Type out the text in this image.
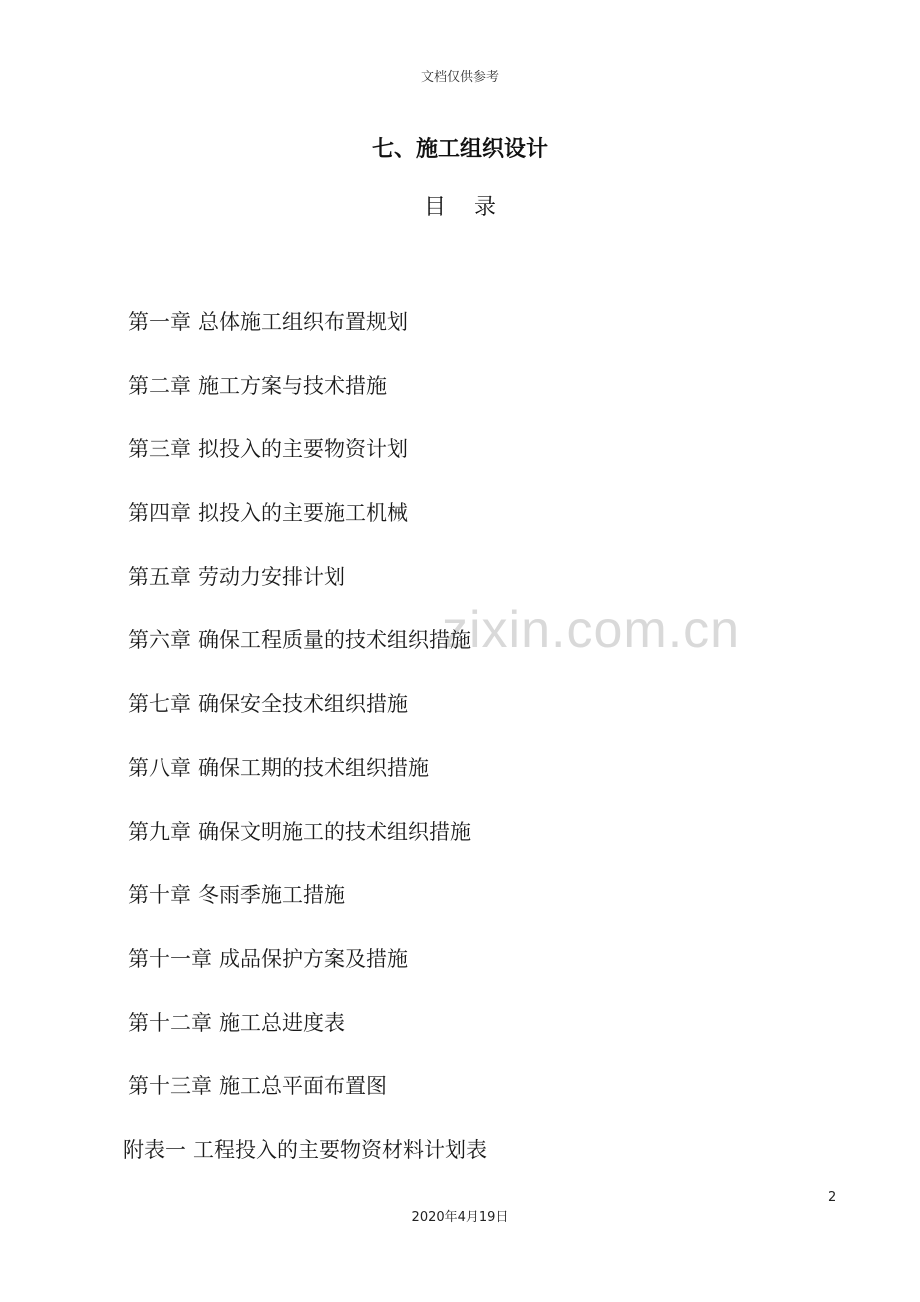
文档仅供参考
七、施工组织设计
目录
zixin.com.cn
第一章 总体施工组织布置规划
第二章 施工方案与技术措施
第三章 拟投入的主要物资计划
第四章 拟投入的主要施工机械
第五章 劳动力安排计划
第六章 确保工程质量的技术组织措施
第七章 确保安全技术组织措施
第八章 确保工期的技术组织措施
第九章 确保文明施工的技术组织措施
第十章 冬雨季施工措施
第十一章 成品保护方案及措施
第十二章 施工总进度表
第十三章 施工总平面布置图
附表一 工程投入的主要物资材料计划表
2
2020年4月19日
